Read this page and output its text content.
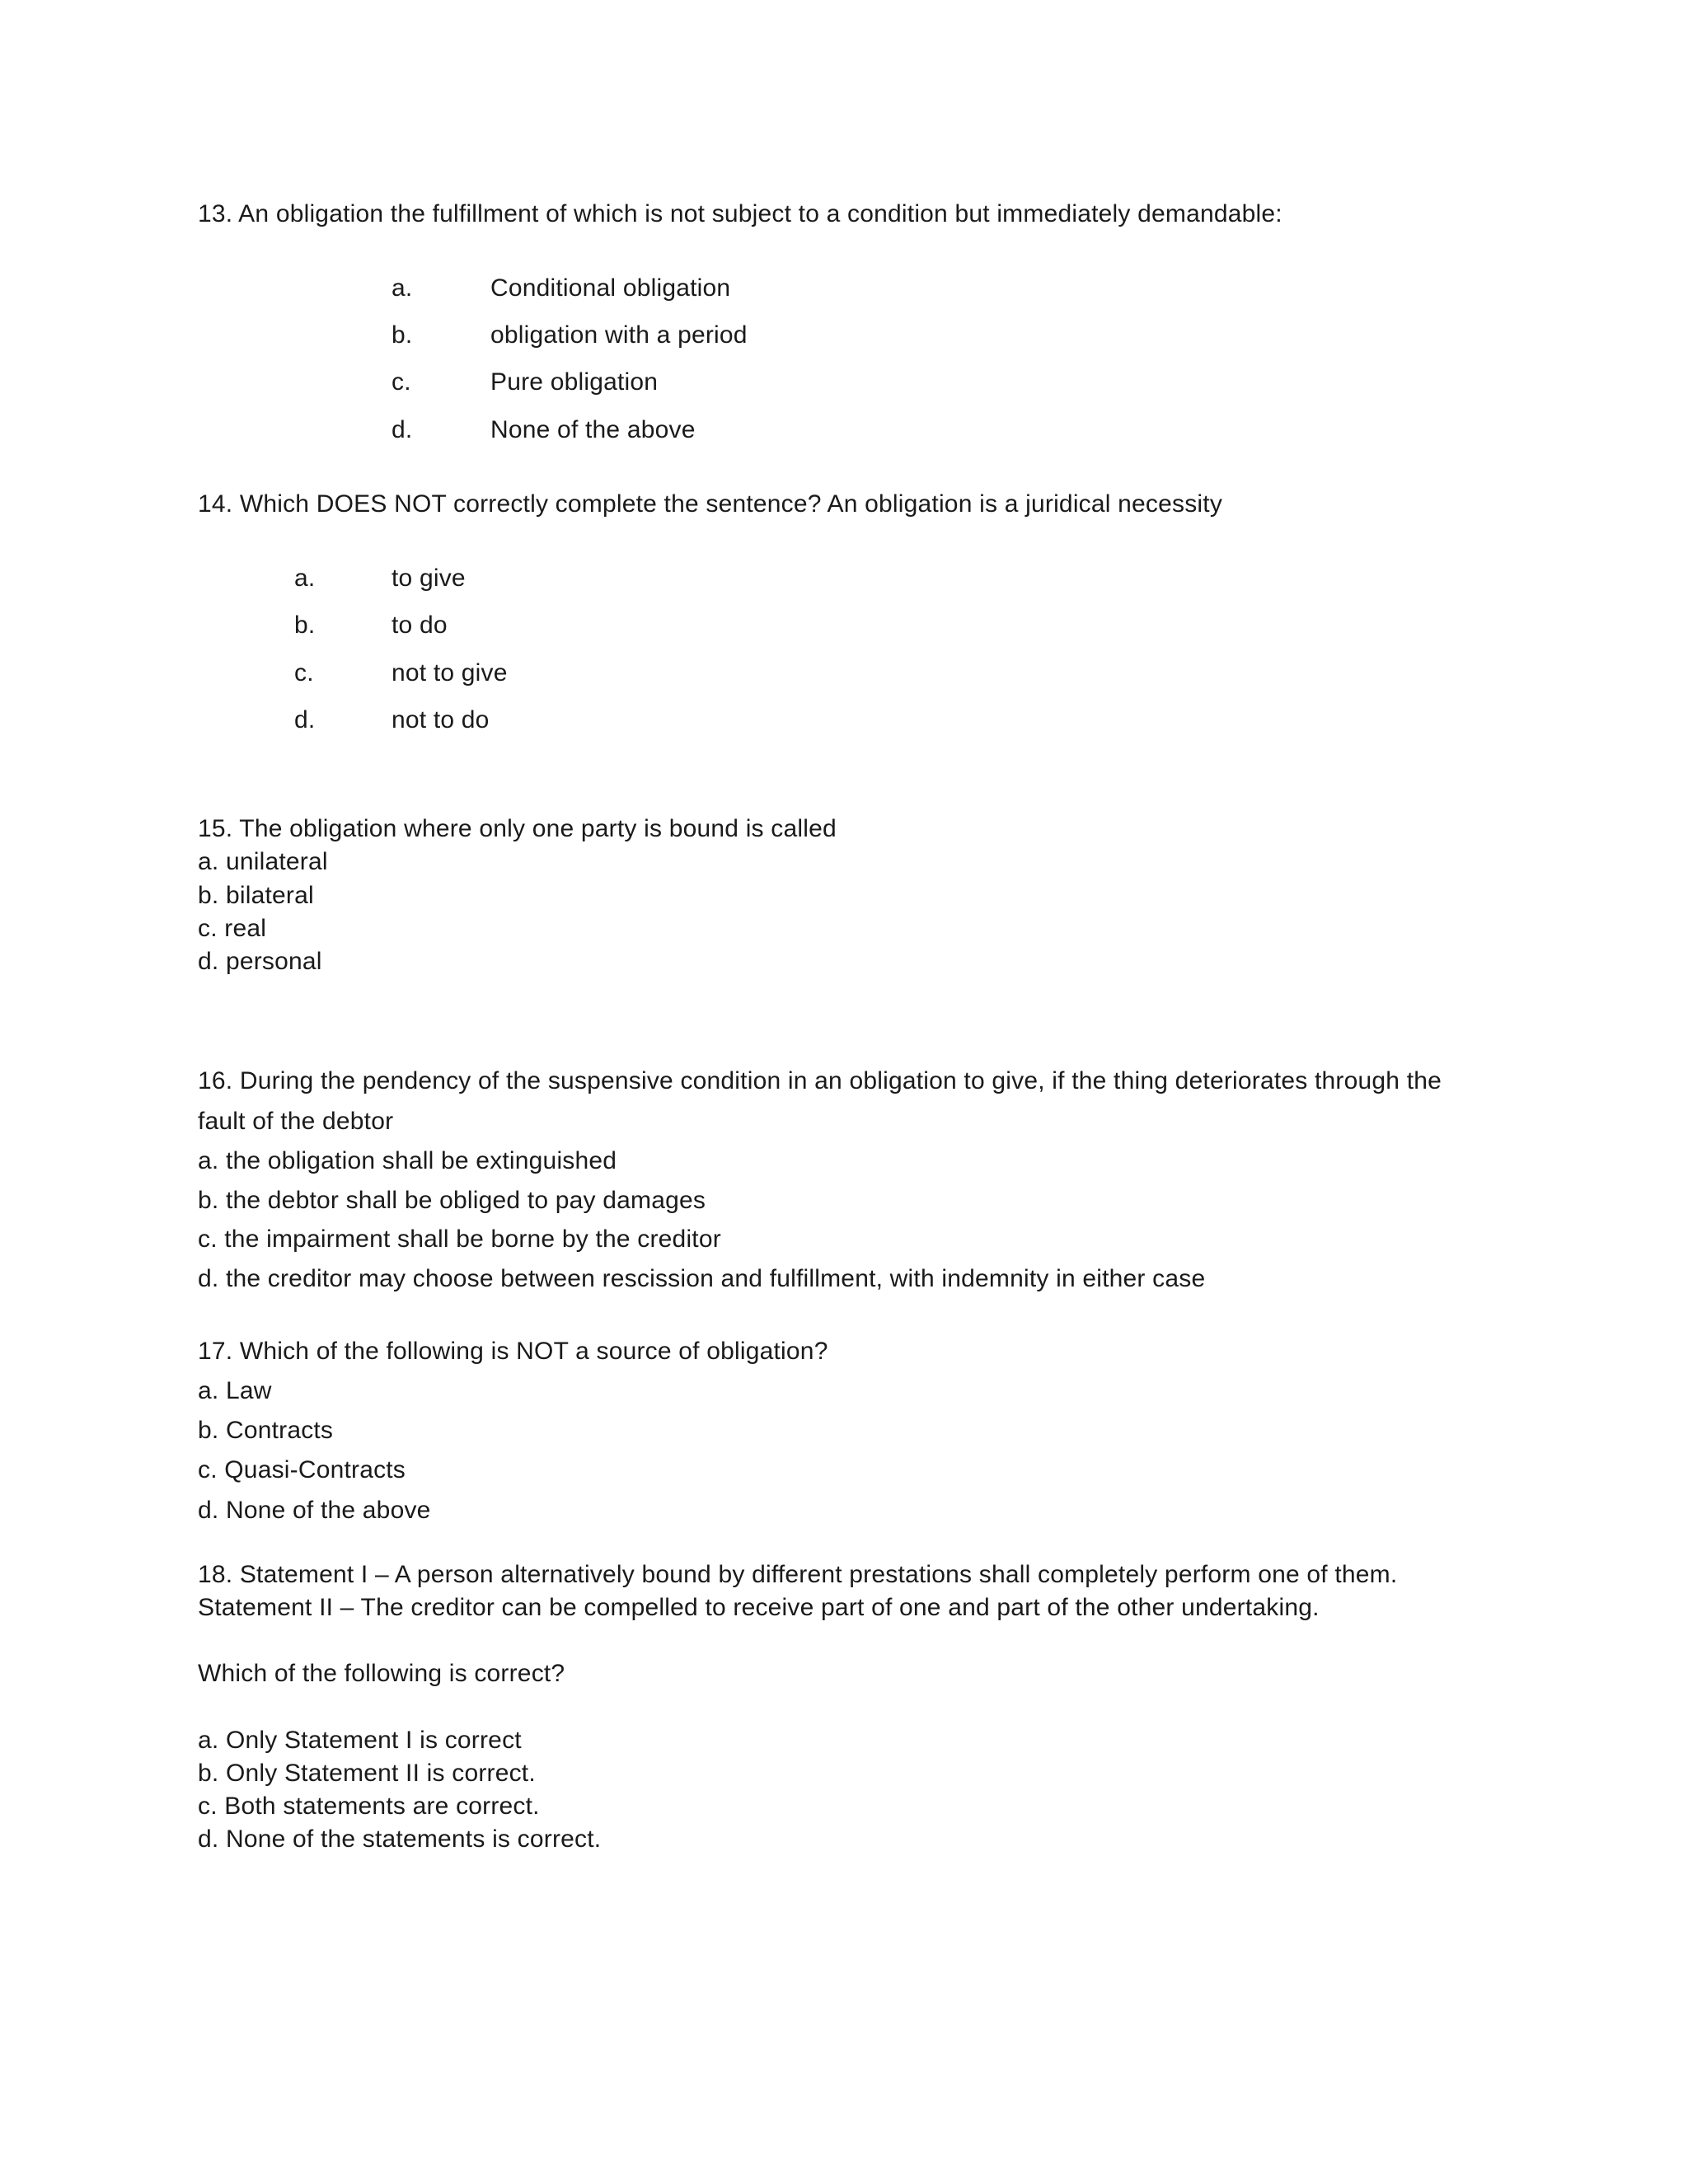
13. An obligation the fulfillment of which is not subject to a condition but immediately demandable:
a.	Conditional obligation
b.	obligation with a period
c.	Pure obligation
d.	None of the above
14. Which DOES NOT correctly complete the sentence? An obligation is a juridical necessity
a.	to give
b.	to do
c.	not to give
d.	not to do
15. The obligation where only one party is bound is called
a. unilateral
b. bilateral
c. real
d. personal
16. During the pendency of the suspensive condition in an obligation to give, if the thing deteriorates through the
fault of the debtor
a. the obligation shall be extinguished
b. the debtor shall be obliged to pay damages
c. the impairment shall be borne by the creditor
d. the creditor may choose between rescission and fulfillment, with indemnity in either case
17. Which of the following is NOT a source of obligation?
a. Law
b. Contracts
c. Quasi-Contracts
d. None of the above
18. Statement I – A person alternatively bound by different prestations shall completely perform one of them.
Statement II – The creditor can be compelled to receive part of one and part of the other undertaking.
Which of the following is correct?
a. Only Statement I is correct
b. Only Statement II is correct.
c. Both statements are correct.
d. None of the statements is correct.
